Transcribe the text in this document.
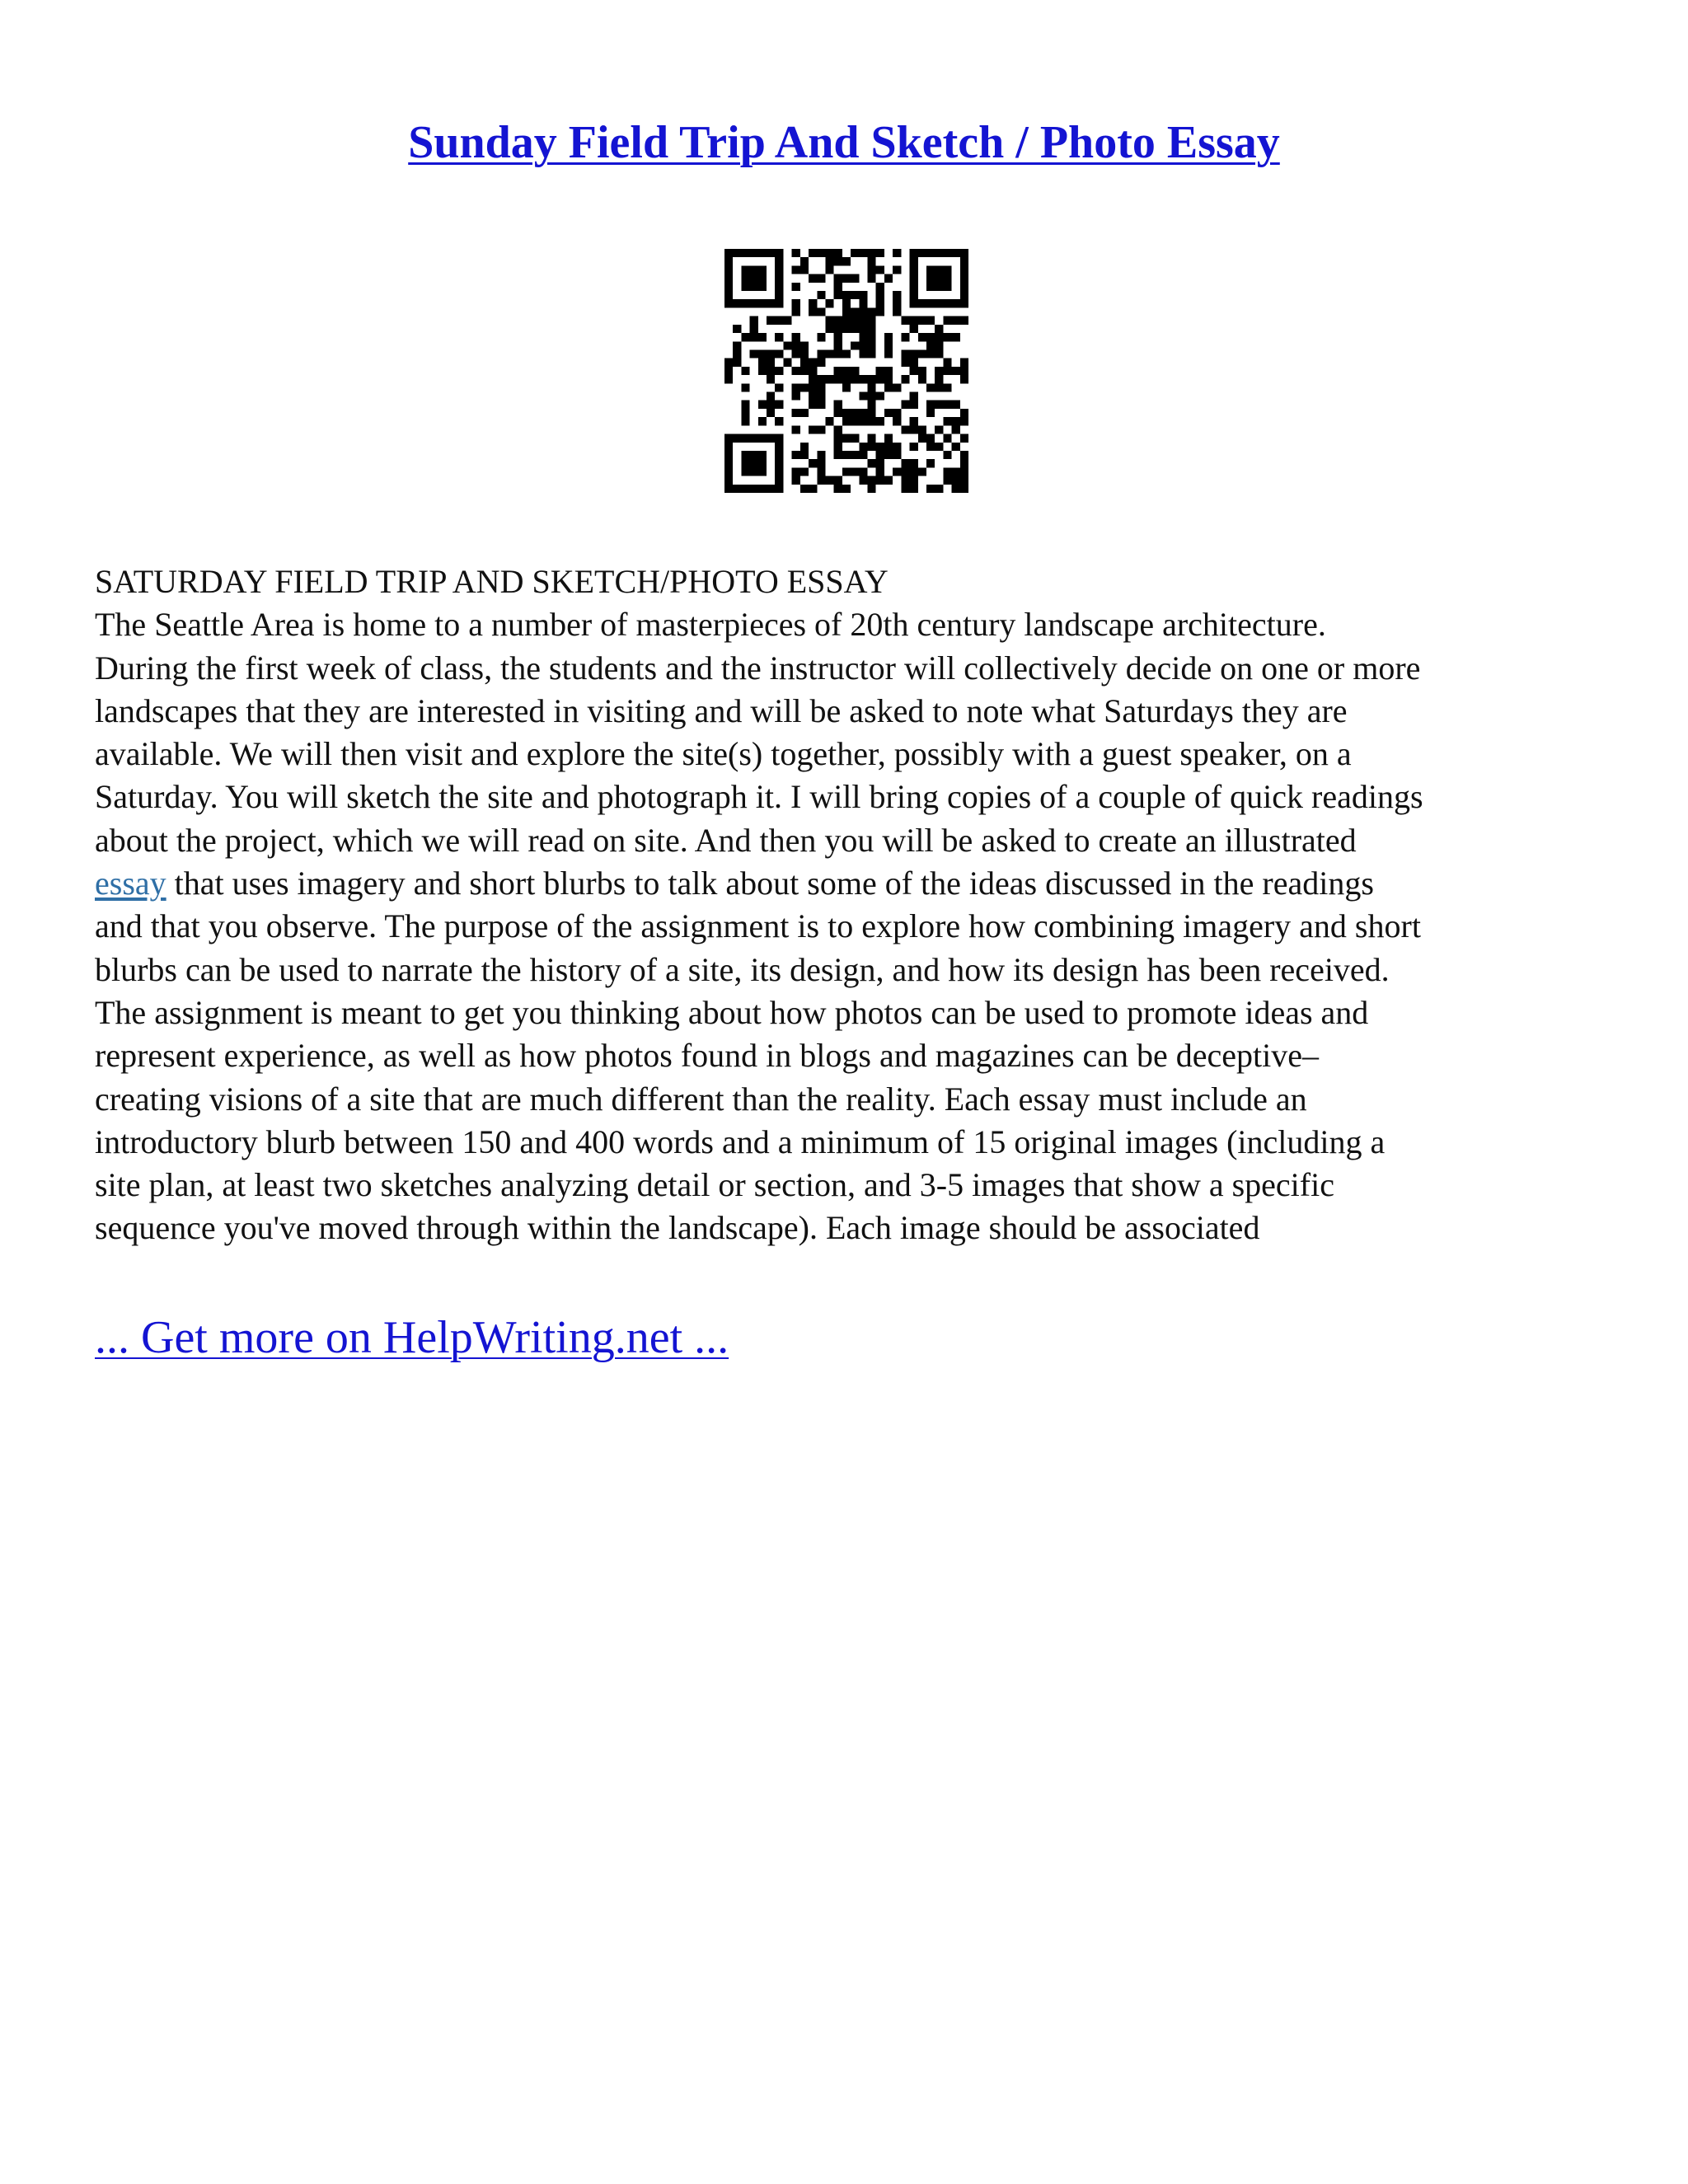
Sunday Field Trip And Sketch / Photo Essay
SATURDAY FIELD TRIP AND SKETCH/PHOTO ESSAY
The Seattle Area is home to a number of masterpieces of 20th century landscape architecture.
During the first week of class, the students and the instructor will collectively decide on one or more
landscapes that they are interested in visiting and will be asked to note what Saturdays they are
available. We will then visit and explore the site(s) together, possibly with a guest speaker, on a
Saturday. You will sketch the site and photograph it. I will bring copies of a couple of quick readings
about the project, which we will read on site. And then you will be asked to create an illustrated
essay that uses imagery and short blurbs to talk about some of the ideas discussed in the readings
and that you observe. The purpose of the assignment is to explore how combining imagery and short
blurbs can be used to narrate the history of a site, its design, and how its design has been received.
The assignment is meant to get you thinking about how photos can be used to promote ideas and
represent experience, as well as how photos found in blogs and magazines can be deceptive–
creating visions of a site that are much different than the reality. Each essay must include an
introductory blurb between 150 and 400 words and a minimum of 15 original images (including a
site plan, at least two sketches analyzing detail or section, and 3-5 images that show a specific
sequence you've moved through within the landscape). Each image should be associated
... Get more on HelpWriting.net ...
